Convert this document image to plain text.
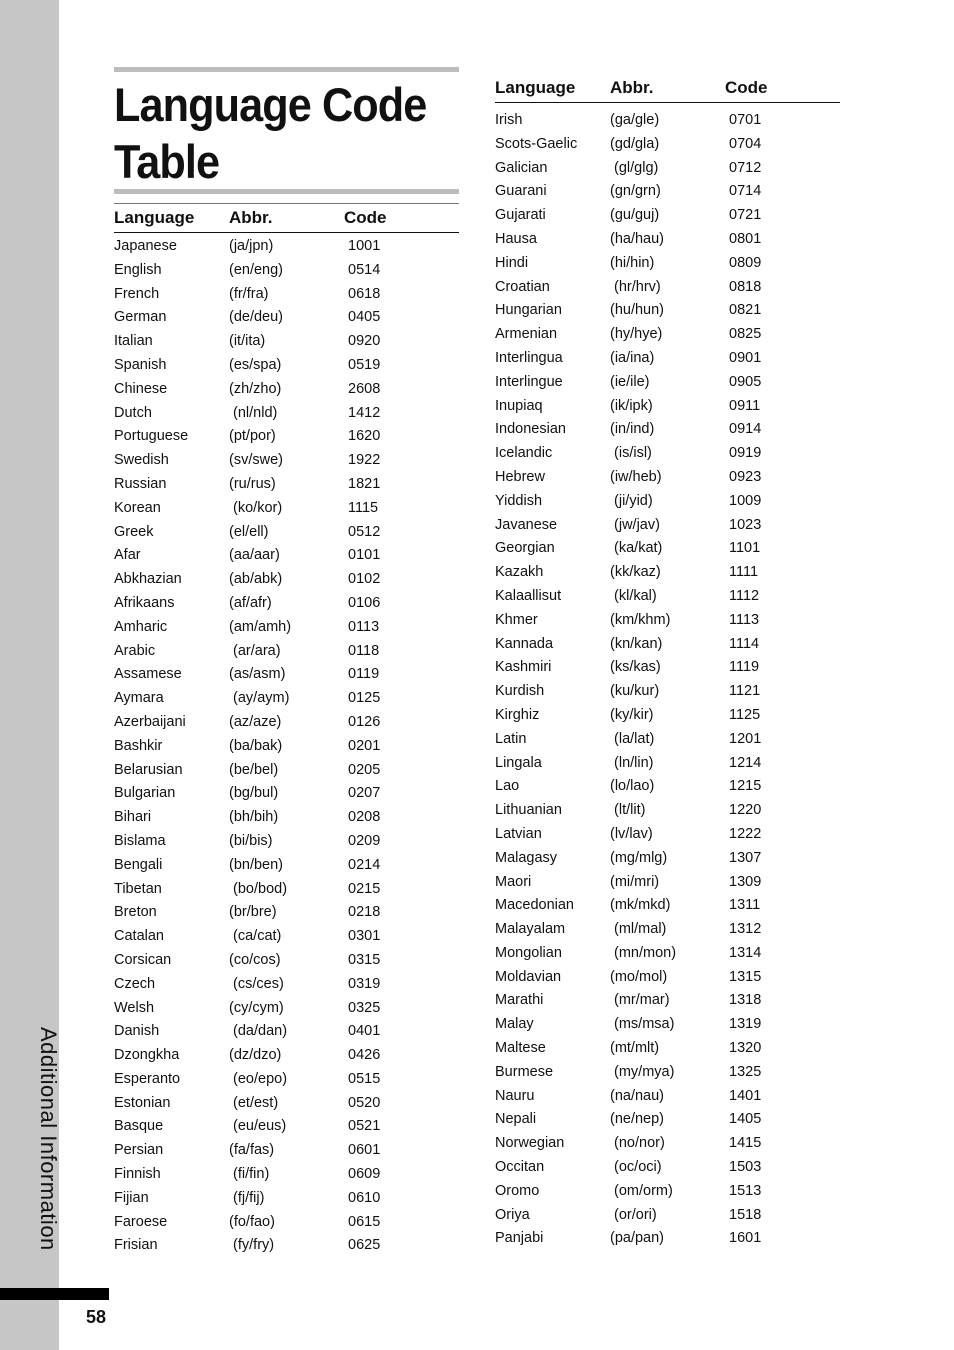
Additional Information
58
Language Code
Table
Language Abbr.	Code
Japanese	(ja/jpn)	1001
English	(en/eng)	0514
French	(fr/fra)	0618
German	(de/deu)	0405
Italian	(it/ita)	0920
Spanish	(es/spa)	0519
Chinese	(zh/zho)	2608
Dutch	(nl/nld)	1412
Portuguese	(pt/por)	1620
Swedish	(sv/swe)	1922
Russian	(ru/rus)	1821
Korean	(ko/kor)	1115
Greek	(el/ell)	0512
Afar	(aa/aar)	0101
Abkhazian	(ab/abk)	0102
Afrikaans	(af/afr)	0106
Amharic	(am/amh)	0113
Arabic	(ar/ara)	0118
Assamese	(as/asm)	0119
Aymara	(ay/aym)	0125
Azerbaijani	(az/aze)	0126
Bashkir	(ba/bak)	0201
Belarusian	(be/bel)	0205
Bulgarian	(bg/bul)	0207
Bihari	(bh/bih)	0208
Bislama	(bi/bis)	0209
Bengali	(bn/ben)	0214
Tibetan	(bo/bod)	0215
Breton	(br/bre)	0218
Catalan	(ca/cat)	0301
Corsican	(co/cos)	0315
Czech	(cs/ces)	0319
Welsh	(cy/cym)	0325
Danish	(da/dan)	0401
Dzongkha	(dz/dzo)	0426
Esperanto	(eo/epo)	0515
Estonian	(et/est)	0520
Basque	(eu/eus)	0521
Persian	(fa/fas)	0601
Finnish	(fi/fin)	0609
Fijian	(fj/fij)	0610
Faroese	(fo/fao)	0615
Frisian	(fy/fry)	0625
Language Abbr.	Code
Irish	(ga/gle)	0701
Scots-Gaelic (gd/gla)	0704
Galician	(gl/glg)	0712
Guarani	(gn/grn)	0714
Gujarati	(gu/guj)	0721
Hausa	(ha/hau)	0801
Hindi	(hi/hin)	0809
Croatian	(hr/hrv)	0818
Hungarian	(hu/hun)	0821
Armenian	(hy/hye)	0825
Interlingua	(ia/ina)	0901
Interlingue	(ie/ile)	0905
Inupiaq	(ik/ipk)	0911
Indonesian	(in/ind)	0914
Icelandic	(is/isl)	0919
Hebrew	(iw/heb)	0923
Yiddish	(ji/yid)	1009
Javanese	(jw/jav)	1023
Georgian	(ka/kat)	1101
Kazakh	(kk/kaz)	1111
Kalaallisut	(kl/kal)	1112
Khmer	(km/khm)	1113
Kannada	(kn/kan)	1114
Kashmiri	(ks/kas)	1119
Kurdish	(ku/kur)	1121
Kirghiz	(ky/kir)	1125
Latin	(la/lat)	1201
Lingala	(ln/lin)	1214
Lao	(lo/lao)	1215
Lithuanian	(lt/lit)	1220
Latvian	(lv/lav)	1222
Malagasy	(mg/mlg)	1307
Maori	(mi/mri)	1309
Macedonian (mk/mkd)	1311
Malayalam	(ml/mal)	1312
Mongolian	(mn/mon)	1314
Moldavian	(mo/mol)	1315
Marathi	(mr/mar)	1318
Malay	(ms/msa)	1319
Maltese	(mt/mlt)	1320
Burmese	(my/mya)	1325
Nauru	(na/nau)	1401
Nepali	(ne/nep)	1405
Norwegian	(no/nor)	1415
Occitan	(oc/oci)	1503
Oromo	(om/orm)	1513
Oriya	(or/ori)	1518
Panjabi	(pa/pan)	1601
